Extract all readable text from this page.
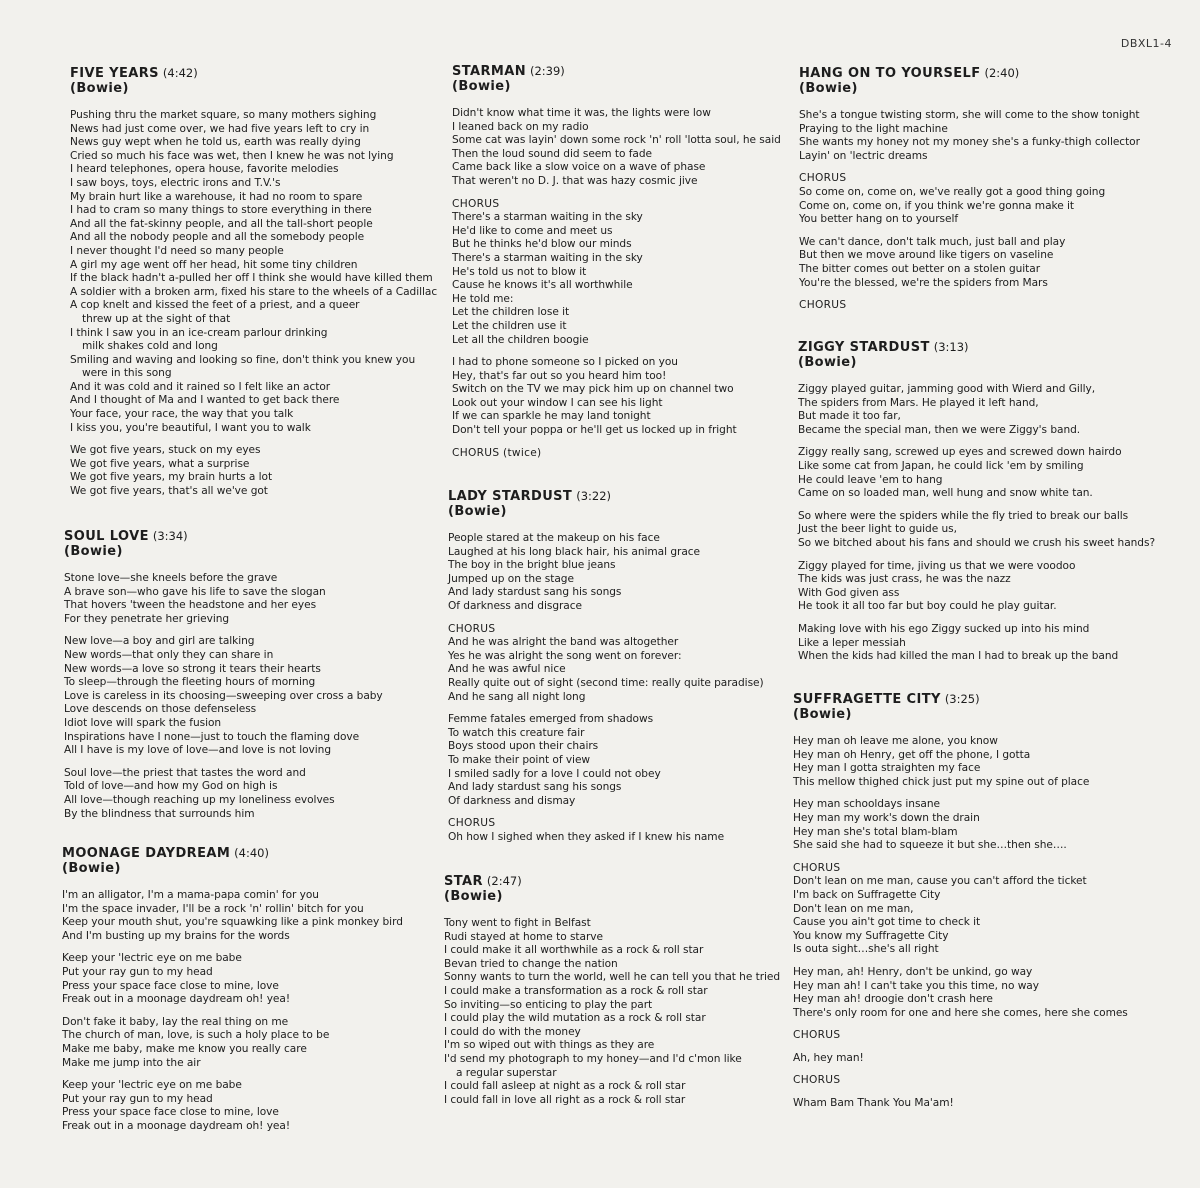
DBXL1-4
FIVE YEARS (4:42)
(Bowie)
Pushing thru the market square, so many mothers sighing
News had just come over, we had five years left to cry in
News guy wept when he told us, earth was really dying
Cried so much his face was wet, then I knew he was not lying
I heard telephones, opera house, favorite melodies
I saw boys, toys, electric irons and T.V.'s
My brain hurt like a warehouse, it had no room to spare
I had to cram so many things to store everything in there
And all the fat-skinny people, and all the tall-short people
And all the nobody people and all the somebody people
I never thought I'd need so many people
A girl my age went off her head, hit some tiny children
If the black hadn't a-pulled her off I think she would have killed them
A soldier with a broken arm, fixed his stare to the wheels of a Cadillac
A cop knelt and kissed the feet of a priest, and a queer
threw up at the sight of that
I think I saw you in an ice-cream parlour drinking
milk shakes cold and long
Smiling and waving and looking so fine, don't think you knew you
were in this song
And it was cold and it rained so I felt like an actor
And I thought of Ma and I wanted to get back there
Your face, your race, the way that you talk
I kiss you, you're beautiful, I want you to walk
We got five years, stuck on my eyes
We got five years, what a surprise
We got five years, my brain hurts a lot
We got five years, that's all we've got
SOUL LOVE (3:34)
(Bowie)
Stone love—she kneels before the grave
A brave son—who gave his life to save the slogan
That hovers 'tween the headstone and her eyes
For they penetrate her grieving
New love—a boy and girl are talking
New words—that only they can share in
New words—a love so strong it tears their hearts
To sleep—through the fleeting hours of morning
Love is careless in its choosing—sweeping over cross a baby
Love descends on those defenseless
Idiot love will spark the fusion
Inspirations have I none—just to touch the flaming dove
All I have is my love of love—and love is not loving
Soul love—the priest that tastes the word and
Told of love—and how my God on high is
All love—though reaching up my loneliness evolves
By the blindness that surrounds him
MOONAGE DAYDREAM (4:40)
(Bowie)
I'm an alligator, I'm a mama-papa comin' for you
I'm the space invader, I'll be a rock 'n' rollin' bitch for you
Keep your mouth shut, you're squawking like a pink monkey bird
And I'm busting up my brains for the words
Keep your 'lectric eye on me babe
Put your ray gun to my head
Press your space face close to mine, love
Freak out in a moonage daydream oh! yea!
Don't fake it baby, lay the real thing on me
The church of man, love, is such a holy place to be
Make me baby, make me know you really care
Make me jump into the air
Keep your 'lectric eye on me babe
Put your ray gun to my head
Press your space face close to mine, love
Freak out in a moonage daydream oh! yea!
STARMAN (2:39)
(Bowie)
Didn't know what time it was, the lights were low
I leaned back on my radio
Some cat was layin' down some rock 'n' roll 'lotta soul, he said
Then the loud sound did seem to fade
Came back like a slow voice on a wave of phase
That weren't no D. J. that was hazy cosmic jive
CHORUS
There's a starman waiting in the sky
He'd like to come and meet us
But he thinks he'd blow our minds
There's a starman waiting in the sky
He's told us not to blow it
Cause he knows it's all worthwhile
He told me:
Let the children lose it
Let the children use it
Let all the children boogie
I had to phone someone so I picked on you
Hey, that's far out so you heard him too!
Switch on the TV we may pick him up on channel two
Look out your window I can see his light
If we can sparkle he may land tonight
Don't tell your poppa or he'll get us locked up in fright
CHORUS (twice)
LADY STARDUST (3:22)
(Bowie)
People stared at the makeup on his face
Laughed at his long black hair, his animal grace
The boy in the bright blue jeans
Jumped up on the stage
And lady stardust sang his songs
Of darkness and disgrace
CHORUS
And he was alright the band was altogether
Yes he was alright the song went on forever:
And he was awful nice
Really quite out of sight (second time: really quite paradise)
And he sang all night long
Femme fatales emerged from shadows
To watch this creature fair
Boys stood upon their chairs
To make their point of view
I smiled sadly for a love I could not obey
And lady stardust sang his songs
Of darkness and dismay
CHORUS
Oh how I sighed when they asked if I knew his name
STAR (2:47)
(Bowie)
Tony went to fight in Belfast
Rudi stayed at home to starve
I could make it all worthwhile as a rock & roll star
Bevan tried to change the nation
Sonny wants to turn the world, well he can tell you that he tried
I could make a transformation as a rock & roll star
So inviting—so enticing to play the part
I could play the wild mutation as a rock & roll star
I could do with the money
I'm so wiped out with things as they are
I'd send my photograph to my honey—and I'd c'mon like
a regular superstar
I could fall asleep at night as a rock & roll star
I could fall in love all right as a rock & roll star
HANG ON TO YOURSELF (2:40)
(Bowie)
She's a tongue twisting storm, she will come to the show tonight
Praying to the light machine
She wants my honey not my money she's a funky-thigh collector
Layin' on 'lectric dreams
CHORUS
So come on, come on, we've really got a good thing going
Come on, come on, if you think we're gonna make it
You better hang on to yourself
We can't dance, don't talk much, just ball and play
But then we move around like tigers on vaseline
The bitter comes out better on a stolen guitar
You're the blessed, we're the spiders from Mars
CHORUS
ZIGGY STARDUST (3:13)
(Bowie)
Ziggy played guitar, jamming good with Wierd and Gilly,
The spiders from Mars. He played it left hand,
But made it too far,
Became the special man, then we were Ziggy's band.
Ziggy really sang, screwed up eyes and screwed down hairdo
Like some cat from Japan, he could lick 'em by smiling
He could leave 'em to hang
Came on so loaded man, well hung and snow white tan.
So where were the spiders while the fly tried to break our balls
Just the beer light to guide us,
So we bitched about his fans and should we crush his sweet hands?
Ziggy played for time, jiving us that we were voodoo
The kids was just crass, he was the nazz
With God given ass
He took it all too far but boy could he play guitar.
Making love with his ego Ziggy sucked up into his mind
Like a leper messiah
When the kids had killed the man I had to break up the band
SUFFRAGETTE CITY (3:25)
(Bowie)
Hey man oh leave me alone, you know
Hey man oh Henry, get off the phone, I gotta
Hey man I gotta straighten my face
This mellow thighed chick just put my spine out of place
Hey man schooldays insane
Hey man my work's down the drain
Hey man she's total blam-blam
She said she had to squeeze it but she…then she….
CHORUS
Don't lean on me man, cause you can't afford the ticket
I'm back on Suffragette City
Don't lean on me man,
Cause you ain't got time to check it
You know my Suffragette City
Is outa sight…she's all right
Hey man, ah! Henry, don't be unkind, go way
Hey man ah! I can't take you this time, no way
Hey man ah! droogie don't crash here
There's only room for one and here she comes, here she comes
CHORUS
Ah, hey man!
CHORUS
Wham Bam Thank You Ma'am!
